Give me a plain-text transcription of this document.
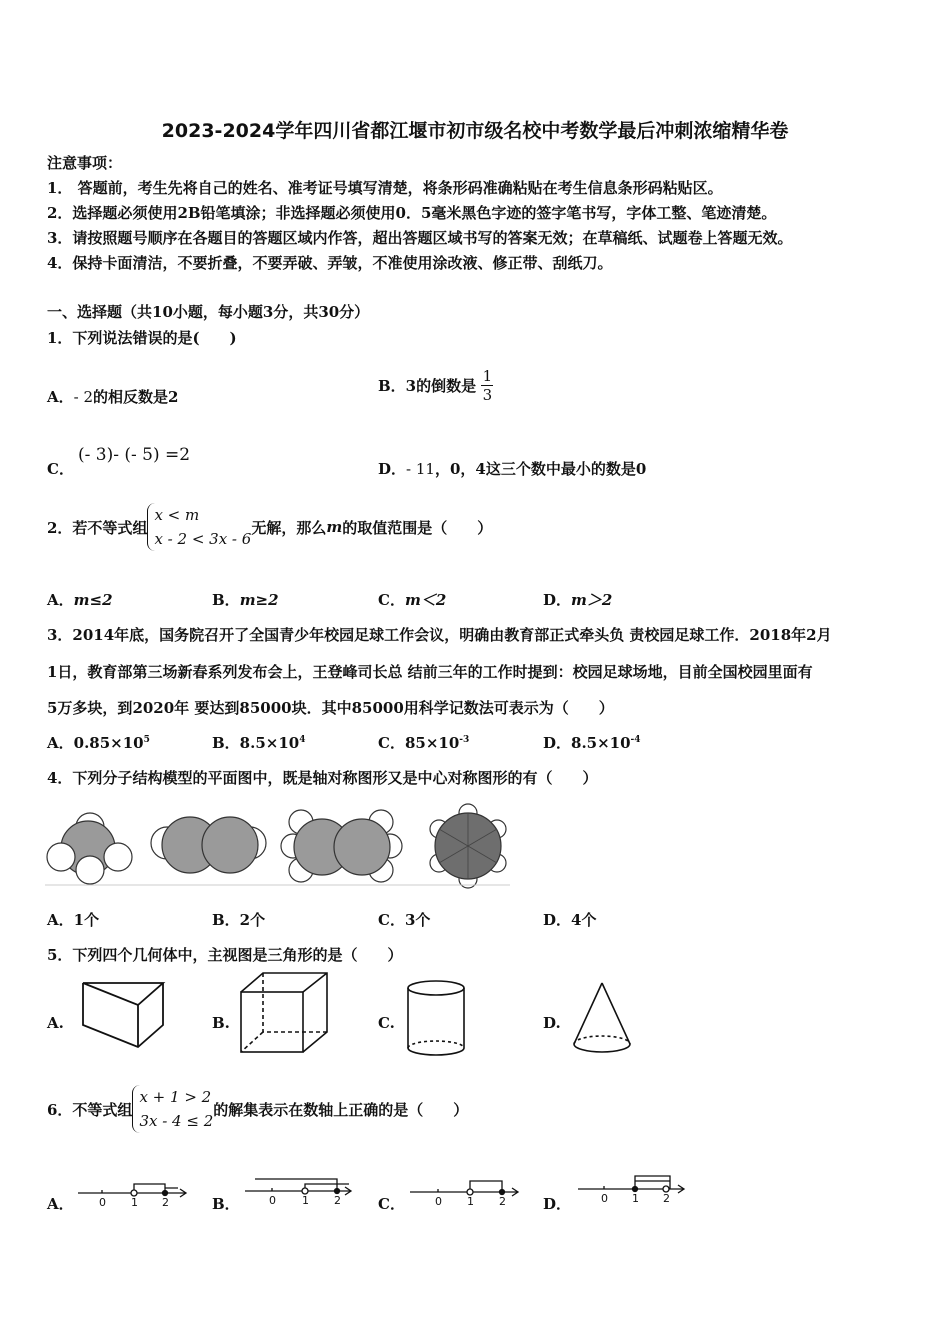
2023-2024学年四川省都江堰市初市级名校中考数学最后冲刺浓缩精华卷
注意事项：
1． 答题前，考生先将自己的姓名、准考证号填写清楚，将条形码准确粘贴在考生信息条形码粘贴区。
2．选择题必须使用2B铅笔填涂；非选择题必须使用0．5毫米黑色字迹的签字笔书写，字体工整、笔迹清楚。
3．请按照题号顺序在各题目的答题区域内作答，超出答题区域书写的答案无效；在草稿纸、试题卷上答题无效。
4．保持卡面清洁，不要折叠，不要弄破、弄皱，不准使用涂改液、修正带、刮纸刀。
一、选择题（共10小题，每小题3分，共30分）
1．下列说法错误的是(　　)
A．- 2的相反数是2
B．3的倒数是 $\frac{1}{3}$
C．
(- 3)- (- 5) =2
D．- 11，0，4这三个数中最小的数是0
2．若不等式组
x < m
x - 2 < 3x - 6
无解，那么 m 的取值范围是（　　）
A．m≤2	B．m≥2	C．m＜2	D．m＞2
3．2014年底，国务院召开了全国青少年校园足球工作会议，明确由教育部正式牵头负 责校园足球工作．2018年2月
1日，教育部第三场新春系列发布会上，王登峰司长总 结前三年的工作时提到：校园足球场地，目前全国校园里面有
5万多块，到2020年 要达到85000块．其中85000用科学记数法可表示为（　　）
A．$0.85\times 10^5$	B．$8.5\times 10^4$	C．$85\times 10^{-3}$	D．$8.5\times 10^{-4}$
4．下列分子结构模型的平面图中，既是轴对称图形又是中心对称图形的有（　　）
A．1个	B．2个	C．3个	D．4个
5．下列四个几何体中，主视图是三角形的是（　　）
A.	B.	C.	D.
6．不等式组
x + 1 > 2
3x - 4 ≤ 2
的解集表示在数轴上正确的是（　　）
A．	B．	C．	D．
0 1 2	0 1 2	0 1 2	0 1 2
